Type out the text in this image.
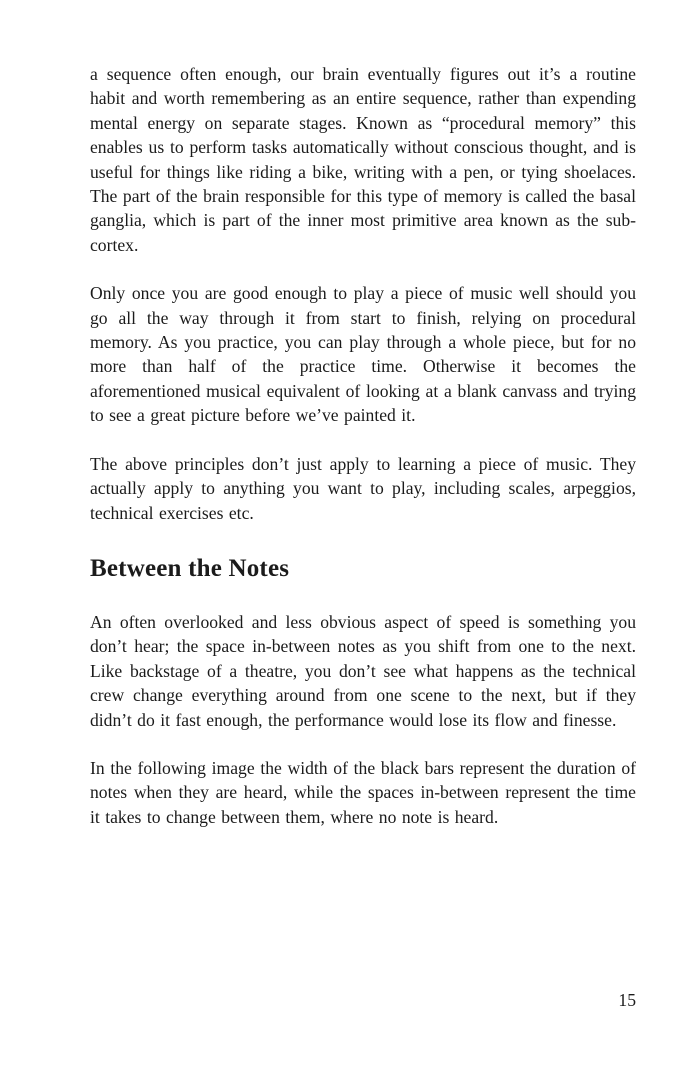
a sequence often enough, our brain eventually figures out it’s a routine habit and worth remembering as an entire sequence, rather than expending mental energy on separate stages. Known as “procedural memory” this enables us to perform tasks automatically without conscious thought, and is useful for things like riding a bike, writing with a pen, or tying shoelaces. The part of the brain responsible for this type of memory is called the basal ganglia, which is part of the inner most primitive area known as the sub-cortex.

Only once you are good enough to play a piece of music well should you go all the way through it from start to finish, relying on procedural memory. As you practice, you can play through a whole piece, but for no more than half of the practice time. Otherwise it becomes the aforementioned musical equivalent of looking at a blank canvass and trying to see a great picture before we’ve painted it.

The above principles don’t just apply to learning a piece of music. They actually apply to anything you want to play, including scales, arpeggios, technical exercises etc.

Between the Notes

An often overlooked and less obvious aspect of speed is something you don’t hear; the space in-between notes as you shift from one to the next. Like backstage of a theatre, you don’t see what happens as the technical crew change everything around from one scene to the next, but if they didn’t do it fast enough, the performance would lose its flow and finesse.

In the following image the width of the black bars represent the duration of notes when they are heard, while the spaces in-between represent the time it takes to change between them, where no note is heard.

15
